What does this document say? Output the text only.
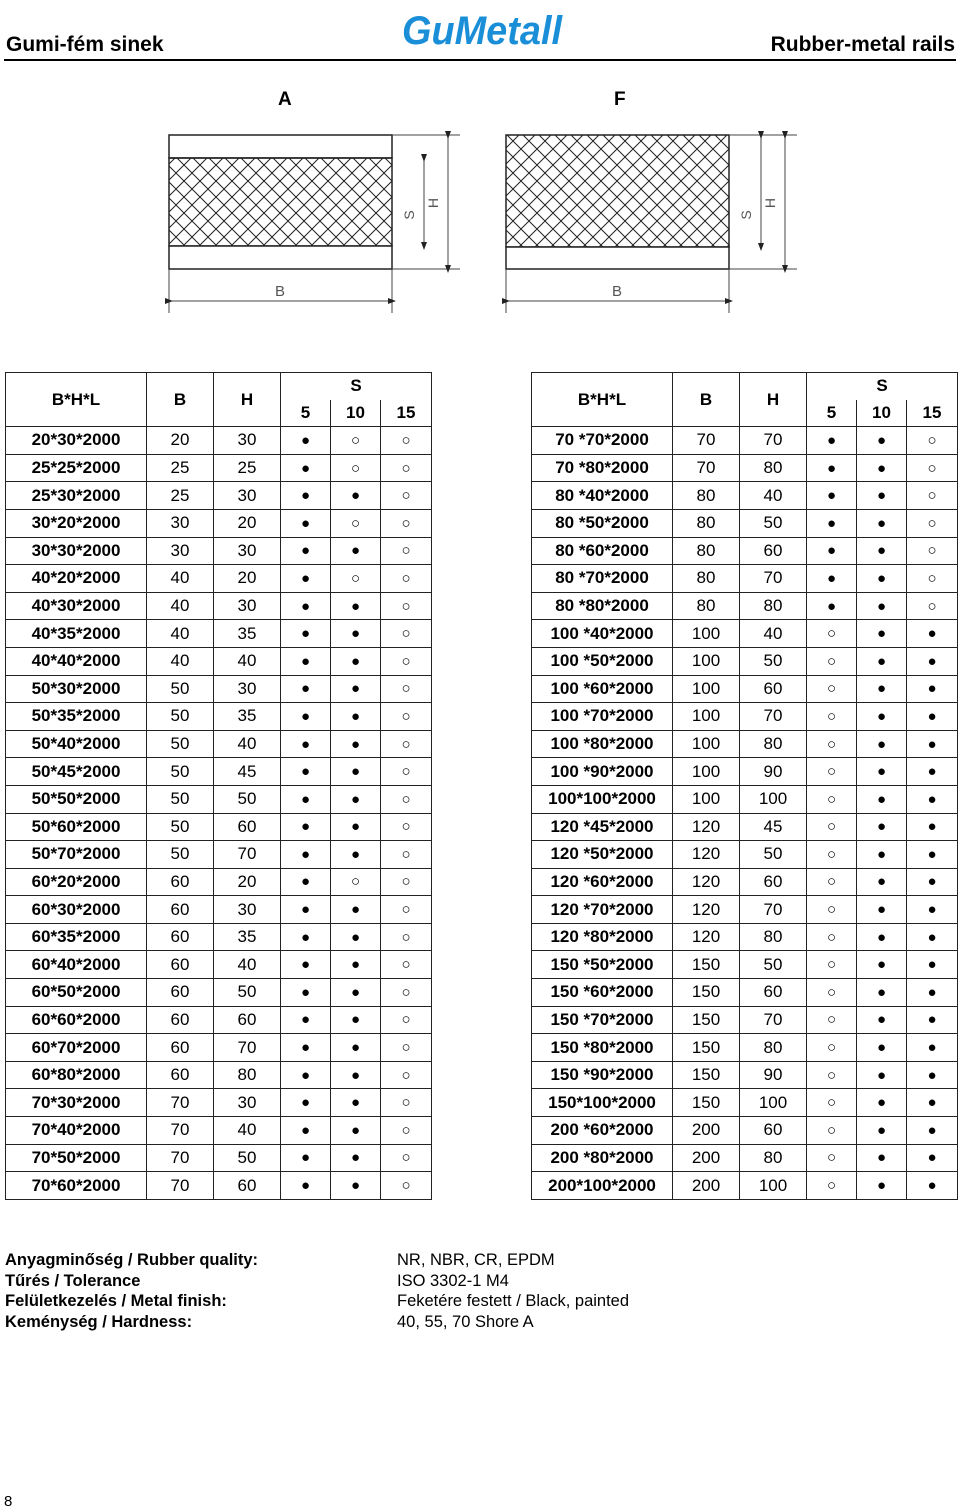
Gumi-fém sinek	GuMetall	Rubber-metal rails
A	F
H
S
B
H
S
B
B*H*L	B	H	S		
			5	10	15
20*30*2000	20	30	●	○	○
25*25*2000	25	25	●	○	○
25*30*2000	25	30	●	●	○
30*20*2000	30	20	●	○	○
30*30*2000	30	30	●	●	○
40*20*2000	40	20	●	○	○
40*30*2000	40	30	●	●	○
40*35*2000	40	35	●	●	○
40*40*2000	40	40	●	●	○
50*30*2000	50	30	●	●	○
50*35*2000	50	35	●	●	○
50*40*2000	50	40	●	●	○
50*45*2000	50	45	●	●	○
50*50*2000	50	50	●	●	○
50*60*2000	50	60	●	●	○
50*70*2000	50	70	●	●	○
60*20*2000	60	20	●	○	○
60*30*2000	60	30	●	●	○
60*35*2000	60	35	●	●	○
60*40*2000	60	40	●	●	○
60*50*2000	60	50	●	●	○
60*60*2000	60	60	●	●	○
60*70*2000	60	70	●	●	○
60*80*2000	60	80	●	●	○
70*30*2000	70	30	●	●	○
70*40*2000	70	40	●	●	○
70*50*2000	70	50	●	●	○
70*60*2000	70	60	●	●	○
B*H*L	B	H	S		
			5	10	15
70 *70*2000	70	70	●	●	○
70 *80*2000	70	80	●	●	○
80 *40*2000	80	40	●	●	○
80 *50*2000	80	50	●	●	○
80 *60*2000	80	60	●	●	○
80 *70*2000	80	70	●	●	○
80 *80*2000	80	80	●	●	○
100 *40*2000	100	40	○	●	●
100 *50*2000	100	50	○	●	●
100 *60*2000	100	60	○	●	●
100 *70*2000	100	70	○	●	●
100 *80*2000	100	80	○	●	●
100 *90*2000	100	90	○	●	●
100*100*2000	100	100	○	●	●
120 *45*2000	120	45	○	●	●
120 *50*2000	120	50	○	●	●
120 *60*2000	120	60	○	●	●
120 *70*2000	120	70	○	●	●
120 *80*2000	120	80	○	●	●
150 *50*2000	150	50	○	●	●
150 *60*2000	150	60	○	●	●
150 *70*2000	150	70	○	●	●
150 *80*2000	150	80	○	●	●
150 *90*2000	150	90	○	●	●
150*100*2000	150	100	○	●	●
200 *60*2000	200	60	○	●	●
200 *80*2000	200	80	○	●	●
200*100*2000	200	100	○	●	●
Anyagminőség / Rubber quality:	NR, NBR, CR, EPDM
Tűrés / Tolerance	ISO 3302-1 M4
Felületkezelés / Metal finish:	Feketére festett / Black, painted
Keménység / Hardness:	40, 55, 70 Shore A
8
